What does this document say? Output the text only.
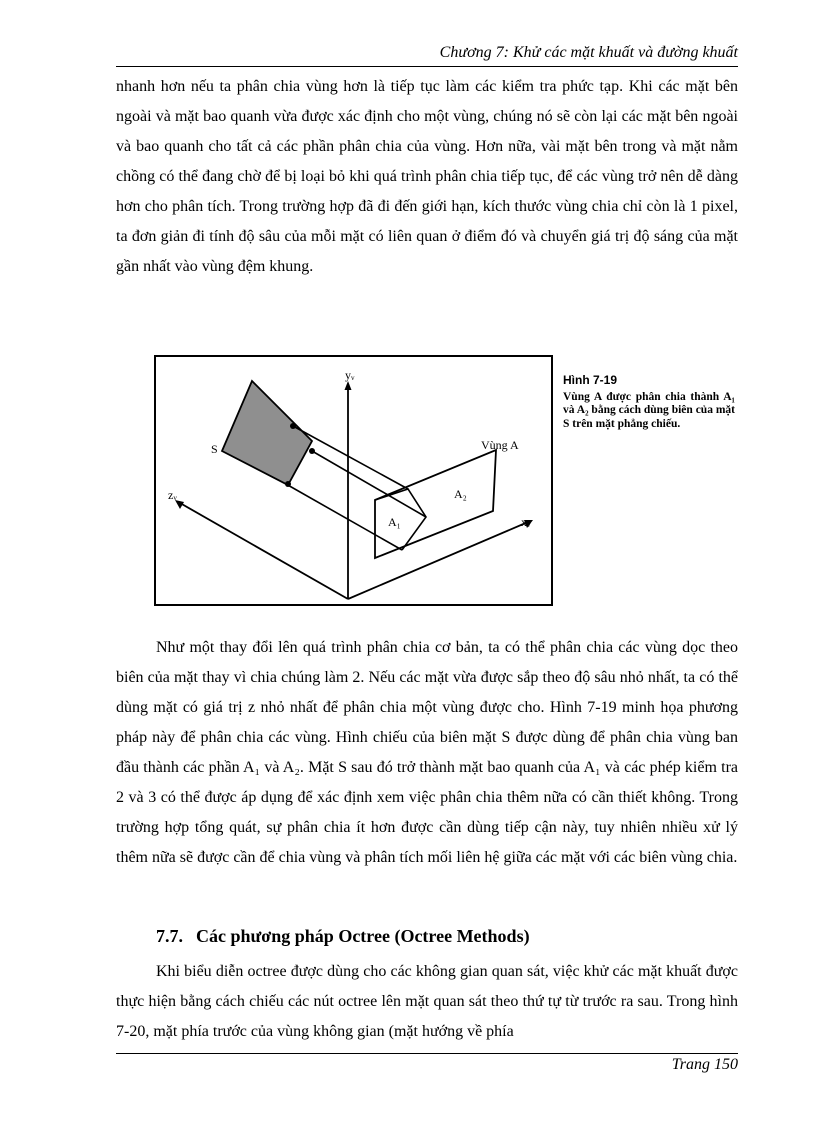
Chương 7: Khử các mặt khuất và đường khuất

nhanh hơn nếu ta phân chia vùng hơn là tiếp tục làm các kiểm tra phức tạp. Khi các mặt bên ngoài và mặt bao quanh vừa được xác định cho một vùng, chúng nó sẽ còn lại các mặt bên ngoài và bao quanh cho tất cả các phần phân chia của vùng. Hơn nữa, vài mặt bên trong và mặt nằm chồng có thể đang chờ để bị loại bỏ khi quá trình phân chia tiếp tục, để các vùng trở nên dễ dàng hơn cho phân tích. Trong trường hợp đã đi đến giới hạn, kích thước vùng chia chỉ còn là 1 pixel, ta đơn giản đi tính độ sâu của mỗi mặt có liên quan ở điểm đó và chuyển giá trị độ sáng của mặt gần nhất vào vùng đệm khung.

yᵥ
zᵥ
xᵥ
S	Vùng A
A₁
A₂
Hình 7-19
Vùng A được phân chia thành A₁ và A₂ bằng cách dùng biên của mặt S trên mặt phẳng chiếu.

Như một thay đổi lên quá trình phân chia cơ bản, ta có thể phân chia các vùng dọc theo biên của mặt thay vì chia chúng làm 2. Nếu các mặt vừa được sắp theo độ sâu nhỏ nhất, ta có thể dùng mặt có giá trị z nhỏ nhất để phân chia một vùng được cho. Hình 7-19 minh họa phương pháp này để phân chia các vùng. Hình chiếu của biên mặt S được dùng để phân chia vùng ban đầu thành các phần A₁ và A₂. Mặt S sau đó trở thành mặt bao quanh của A₁ và các phép kiểm tra 2 và 3 có thể được áp dụng để xác định xem việc phân chia thêm nữa có cần thiết không. Trong trường hợp tổng quát, sự phân chia ít hơn được cần dùng tiếp cận này, tuy nhiên nhiều xử lý thêm nữa sẽ được cần để chia vùng và phân tích mối liên hệ giữa các mặt với các biên vùng chia.

7.7. Các phương pháp Octree (Octree Methods)

Khi biểu diễn octree được dùng cho các không gian quan sát, việc khử các mặt khuất được thực hiện bằng cách chiếu các nút octree lên mặt quan sát theo thứ tự từ trước ra sau. Trong hình 7-20, mặt phía trước của vùng không gian (mặt hướng về phía

Trang 150
